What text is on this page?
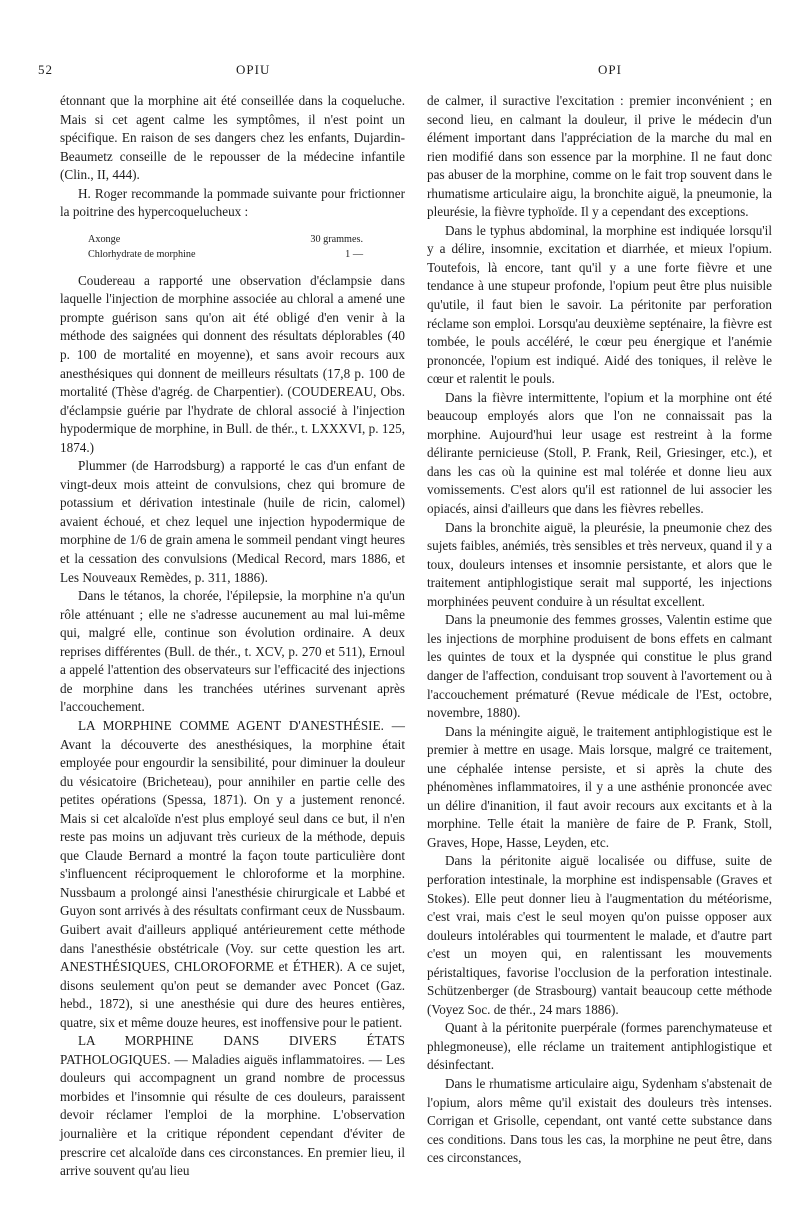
52	OPIU	OPI

étonnant que la morphine ait été conseillée dans la coqueluche. Mais si cet agent calme les symptômes, il n'est point un spécifique. En raison de ses dangers chez les enfants, Dujardin-Beaumetz conseille de le repousser de la médecine infantile (Clin., II, 444).

H. Roger recommande la pommade suivante pour frictionner la poitrine des hypercoquelucheux :

Axonge	30 grammes.
Chlorhydrate de morphine	1 —

Coudereau a rapporté une observation d'éclampsie dans laquelle l'injection de morphine associée au chloral a amené une prompte guérison sans qu'on ait été obligé d'en venir à la méthode des saignées qui donnent des résultats déplorables (40 p. 100 de mortalité en moyenne), et sans avoir recours aux anesthésiques qui donnent de meilleurs résultats (17,8 p. 100 de mortalité (Thèse d'agrég. de Charpentier). (COUDEREAU, Obs. d'éclampsie guérie par l'hydrate de chloral associé à l'injection hypodermique de morphine, in Bull. de thér., t. LXXXVI, p. 125, 1874.)

Plummer (de Harrodsburg) a rapporté le cas d'un enfant de vingt-deux mois atteint de convulsions, chez qui bromure de potassium et dérivation intestinale (huile de ricin, calomel) avaient échoué, et chez lequel une injection hypodermique de morphine de 1/6 de grain amena le sommeil pendant vingt heures et la cessation des convulsions (Medical Record, mars 1886, et Les Nouveaux Remèdes, p. 311, 1886).

Dans le tétanos, la chorée, l'épilepsie, la morphine n'a qu'un rôle atténuant ; elle ne s'adresse aucunement au mal lui-même qui, malgré elle, continue son évolution ordinaire. A deux reprises différentes (Bull. de thér., t. XCV, p. 270 et 511), Ernoul a appelé l'attention des observateurs sur l'efficacité des injections de morphine dans les tranchées utérines survenant après l'accouchement.

LA MORPHINE COMME AGENT D'ANESTHÉSIE. — Avant la découverte des anesthésiques, la morphine était employée pour engourdir la sensibilité, pour diminuer la douleur du vésicatoire (Bricheteau), pour annihiler en partie celle des petites opérations (Spessa, 1871). On y a justement renoncé. Mais si cet alcaloïde n'est plus employé seul dans ce but, il n'en reste pas moins un adjuvant très curieux de la méthode, depuis que Claude Bernard a montré la façon toute particulière dont s'influencent réciproquement le chloroforme et la morphine. Nussbaum a prolongé ainsi l'anesthésie chirurgicale et Labbé et Guyon sont arrivés à des résultats confirmant ceux de Nussbaum. Guibert avait d'ailleurs appliqué antérieurement cette méthode dans l'anesthésie obstétricale (Voy. sur cette question les art. ANESTHÉSIQUES, CHLOROFORME et ÉTHER). A ce sujet, disons seulement qu'on peut se demander avec Poncet (Gaz. hebd., 1872), si une anesthésie qui dure des heures entières, quatre, six et même douze heures, est inoffensive pour le patient.

LA MORPHINE DANS DIVERS ÉTATS PATHOLOGIQUES. — Maladies aiguës inflammatoires. — Les douleurs qui accompagnent un grand nombre de processus morbides et l'insomnie qui résulte de ces douleurs, paraissent devoir réclamer l'emploi de la morphine. L'observation journalière et la critique répondent cependant d'éviter de prescrire cet alcaloïde dans ces circonstances. En premier lieu, il arrive souvent qu'au lieu

de calmer, il suractive l'excitation : premier inconvénient ; en second lieu, en calmant la douleur, il prive le médecin d'un élément important dans l'appréciation de la marche du mal en rien modifié dans son essence par la morphine. Il ne faut donc pas abuser de la morphine, comme on le fait trop souvent dans le rhumatisme articulaire aigu, la bronchite aiguë, la pneumonie, la pleurésie, la fièvre typhoïde. Il y a cependant des exceptions.

Dans le typhus abdominal, la morphine est indiquée lorsqu'il y a délire, insomnie, excitation et diarrhée, et mieux l'opium. Toutefois, là encore, tant qu'il y a une forte fièvre et une tendance à une stupeur profonde, l'opium peut être plus nuisible qu'utile, il faut bien le savoir. La péritonite par perforation réclame son emploi. Lorsqu'au deuxième septénaire, la fièvre est tombée, le pouls accéléré, le cœur peu énergique et l'anémie prononcée, l'opium est indiqué. Aidé des toniques, il relève le cœur et ralentit le pouls.

Dans la fièvre intermittente, l'opium et la morphine ont été beaucoup employés alors que l'on ne connaissait pas la morphine. Aujourd'hui leur usage est restreint à la forme délirante pernicieuse (Stoll, P. Frank, Reil, Griesinger, etc.), et dans les cas où la quinine est mal tolérée et donne lieu aux vomissements. C'est alors qu'il est rationnel de lui associer les opiacés, ainsi d'ailleurs que dans les fièvres rebelles.

Dans la bronchite aiguë, la pleurésie, la pneumonie chez des sujets faibles, anémiés, très sensibles et très nerveux, quand il y a toux, douleurs intenses et insomnie persistante, et alors que le traitement antiphlogistique serait mal supporté, les injections morphinées peuvent conduire à un résultat excellent.

Dans la pneumonie des femmes grosses, Valentin estime que les injections de morphine produisent de bons effets en calmant les quintes de toux et la dyspnée qui constitue le plus grand danger de l'affection, conduisant trop souvent à l'avortement ou à l'accouchement prématuré (Revue médicale de l'Est, octobre, novembre, 1880).

Dans la méningite aiguë, le traitement antiphlogistique est le premier à mettre en usage. Mais lorsque, malgré ce traitement, une céphalée intense persiste, et si après la chute des phénomènes inflammatoires, il y a une asthénie prononcée avec un délire d'inanition, il faut avoir recours aux excitants et à la morphine. Telle était la manière de faire de P. Frank, Stoll, Graves, Hope, Hasse, Leyden, etc.

Dans la péritonite aiguë localisée ou diffuse, suite de perforation intestinale, la morphine est indispensable (Graves et Stokes). Elle peut donner lieu à l'augmentation du météorisme, c'est vrai, mais c'est le seul moyen qu'on puisse opposer aux douleurs intolérables qui tourmentent le malade, et d'autre part c'est un moyen qui, en ralentissant les mouvements péristaltiques, favorise l'occlusion de la perforation intestinale. Schützenberger (de Strasbourg) vantait beaucoup cette méthode (Voyez Soc. de thér., 24 mars 1886).

Quant à la péritonite puerpérale (formes parenchymateuse et phlegmoneuse), elle réclame un traitement antiphlogistique et désinfectant.

Dans le rhumatisme articulaire aigu, Sydenham s'abstenait de l'opium, alors même qu'il existait des douleurs très intenses. Corrigan et Grisolle, cependant, ont vanté cette substance dans ces conditions. Dans tous les cas, la morphine ne peut être, dans ces circonstances,
